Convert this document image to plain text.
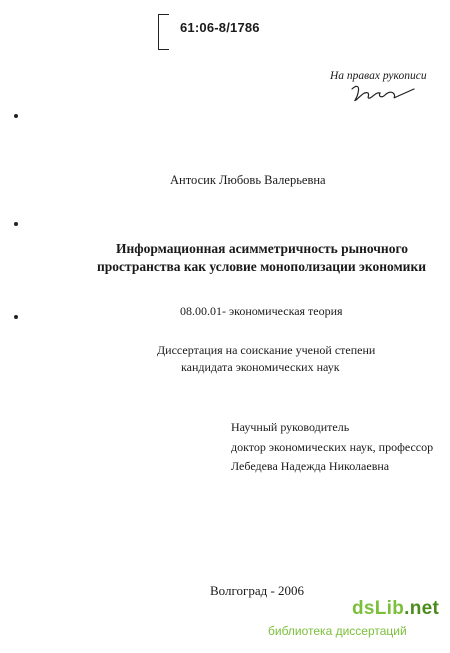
61:06-8/1786
На правах рукописи
Антосик Любовь Валерьевна
Информационная асимметричность рыночного
пространства как условие монополизации экономики
08.00.01- экономическая теория
Диссертация на соискание ученой степени
кандидата экономических наук
Научный руководитель
доктор экономических наук, профессор
Лебедева Надежда Николаевна
Волгоград - 2006
dsLib.net
библиотека диссертаций
